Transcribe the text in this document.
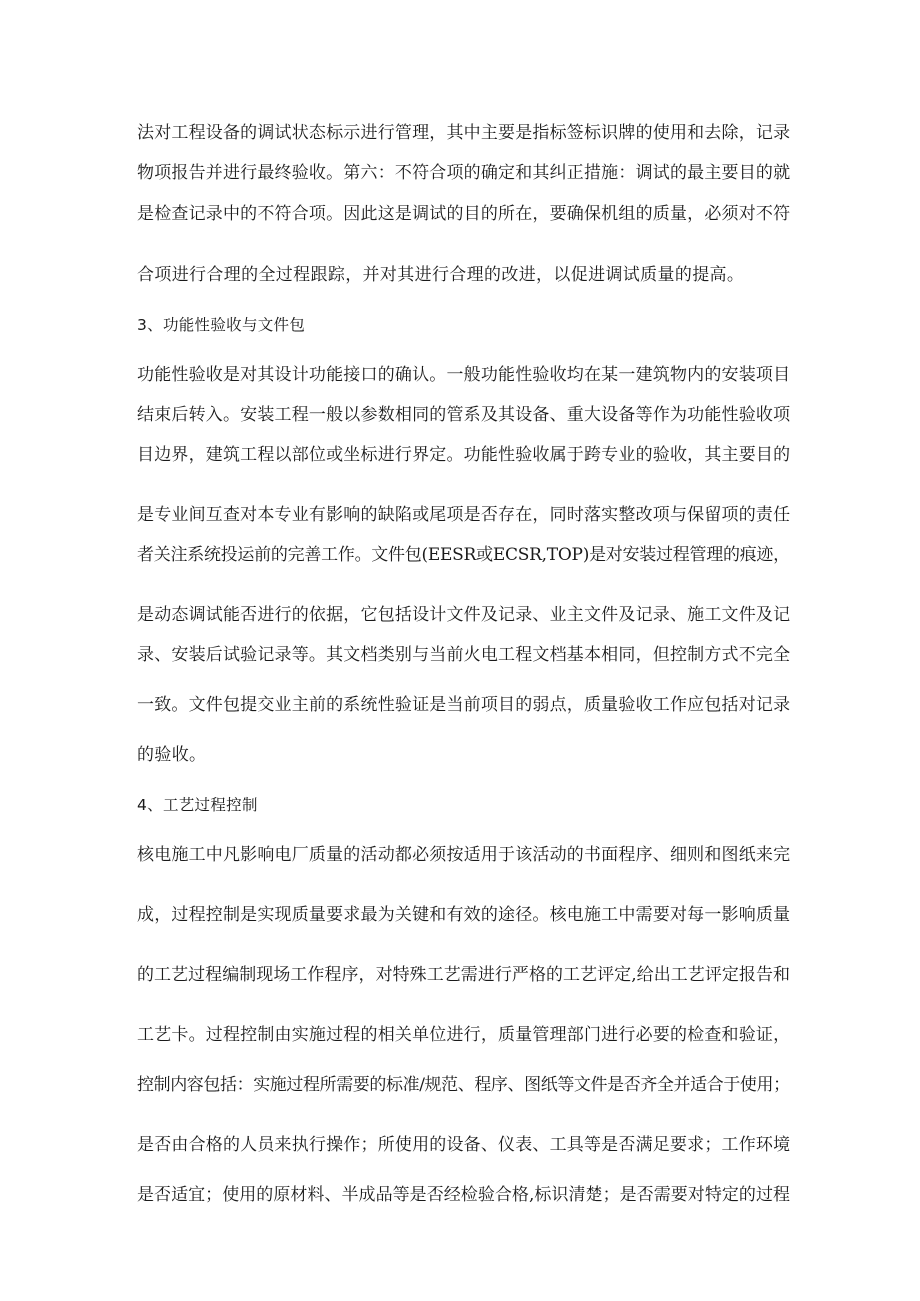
法对工程设备的调试状态标示进行管理，其中主要是指标签标识牌的使用和去除，记录
物项报告并进行最终验收。第六：不符合项的确定和其纠正措施：调试的最主要目的就
是检查记录中的不符合项。因此这是调试的目的所在，要确保机组的质量，必须对不符
合项进行合理的全过程跟踪，并对其进行合理的改进，以促进调试质量的提高。
3、功能性验收与文件包
功能性验收是对其设计功能接口的确认。一般功能性验收均在某一建筑物内的安装项目
结束后转入。安装工程一般以参数相同的管系及其设备、重大设备等作为功能性验收项
目边界，建筑工程以部位或坐标进行界定。功能性验收属于跨专业的验收，其主要目的
是专业间互查对本专业有影响的缺陷或尾项是否存在，同时落实整改项与保留项的责任
者关注系统投运前的完善工作。文件包(EESR或ECSR,TOP)是对安装过程管理的痕迹，
是动态调试能否进行的依据，它包括设计文件及记录、业主文件及记录、施工文件及记
录、安装后试验记录等。其文档类别与当前火电工程文档基本相同，但控制方式不完全
一致。文件包提交业主前的系统性验证是当前项目的弱点，质量验收工作应包括对记录
的验收。
4、工艺过程控制
核电施工中凡影响电厂质量的活动都必须按适用于该活动的书面程序、细则和图纸来完
成，过程控制是实现质量要求最为关键和有效的途径。核电施工中需要对每一影响质量
的工艺过程编制现场工作程序，对特殊工艺需进行严格的工艺评定,给出工艺评定报告和
工艺卡。过程控制由实施过程的相关单位进行，质量管理部门进行必要的检查和验证，
控制内容包括：实施过程所需要的标准/规范、程序、图纸等文件是否齐全并适合于使用；
是否由合格的人员来执行操作；所使用的设备、仪表、工具等是否满足要求；工作环境
是否适宜；使用的原材料、半成品等是否经检验合格,标识清楚；是否需要对特定的过程
